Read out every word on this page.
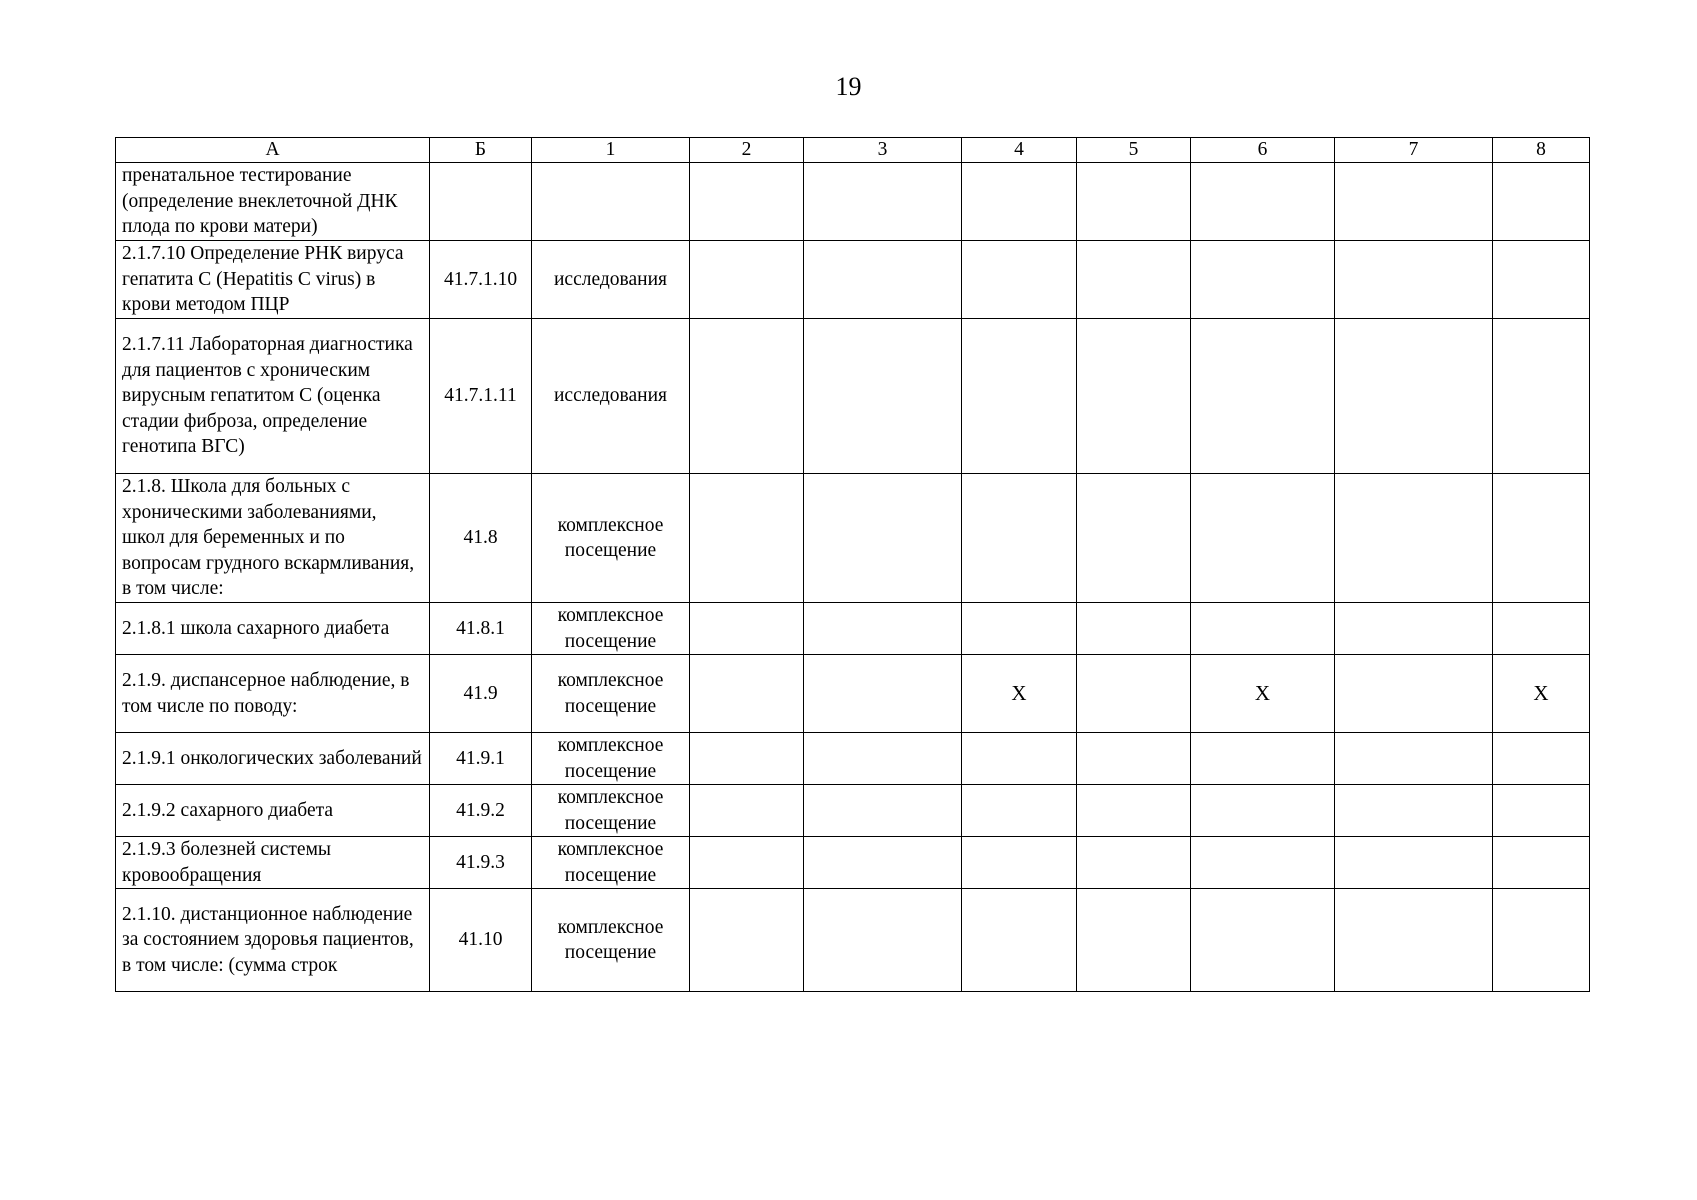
19
А	Б	1	2	3	4	5	6	7	8
пренатальное тестирование (определение внеклеточной ДНК плода по крови матери)									
2.1.7.10 Определение РНК вируса гепатита С (Hepatitis C virus) в крови методом ПЦР	41.7.1.10	исследования							
2.1.7.11 Лабораторная диагностика для пациентов с хроническим вирусным гепатитом С (оценка стадии фиброза, определение генотипа ВГС)	41.7.1.11	исследования							
2.1.8. Школа для больных с хроническими заболеваниями, школ для беременных и по вопросам грудного вскармливания, в том числе:	41.8	комплексное посещение							
2.1.8.1 школа сахарного диабета	41.8.1	комплексное посещение							
2.1.9. диспансерное наблюдение, в том числе по поводу:	41.9	комплексное посещение			Х		Х		Х
2.1.9.1 онкологических заболеваний	41.9.1	комплексное посещение							
2.1.9.2 сахарного диабета	41.9.2	комплексное посещение							
2.1.9.3 болезней системы кровообращения	41.9.3	комплексное посещение							
2.1.10. дистанционное наблюдение за состоянием здоровья пациентов, в том числе: (сумма строк	41.10	комплексное посещение							
